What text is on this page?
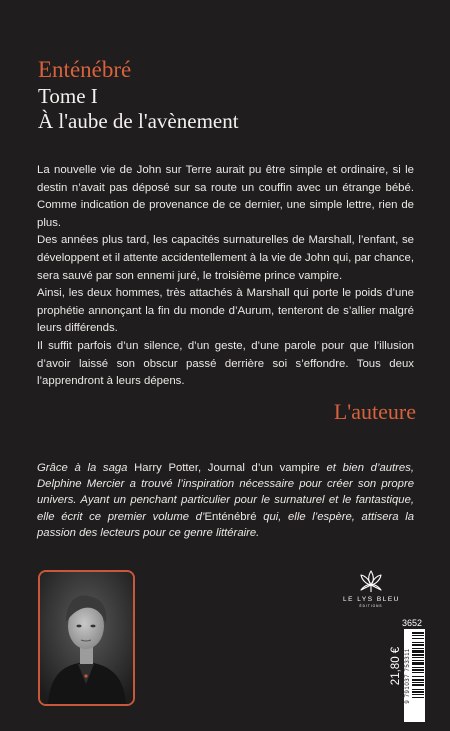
Enténébré
Tome I
À l'aube de l'avènement

La nouvelle vie de John sur Terre aurait pu être simple et ordinaire, si le destin n’avait pas déposé sur sa route un couffin avec un étrange bébé. Comme indication de provenance de ce dernier, une simple lettre, rien de plus.

Des années plus tard, les capacités surnaturelles de Marshall, l’enfant, se développent et il attente accidentellement à la vie de John qui, par chance, sera sauvé par son ennemi juré, le troisième prince vampire.

Ainsi, les deux hommes, très attachés à Marshall qui porte le poids d’une prophétie annonçant la fin du monde d’Aurum, tenteront de s’allier malgré leurs différends.

Il suffit parfois d’un silence, d’un geste, d’une parole pour que l’illusion d’avoir laissé son obscur passé derrière soi s’effondre. Tous deux l’apprendront à leurs dépens.

L'auteure
Grâce à la saga Harry Potter, Journal d’un vampire et bien d’autres, Delphine Mercier a trouvé l’inspiration nécessaire pour créer son propre univers. Ayant un penchant particulier pour le surnaturel et le fantastique, elle écrit ce premier volume d’Enténébré qui, elle l’espère, attisera la passion des lecteurs pour ce genre littéraire.
LE LYS BLEU
ÉDITIONS
3652
21,80 € 9 791037 753311
